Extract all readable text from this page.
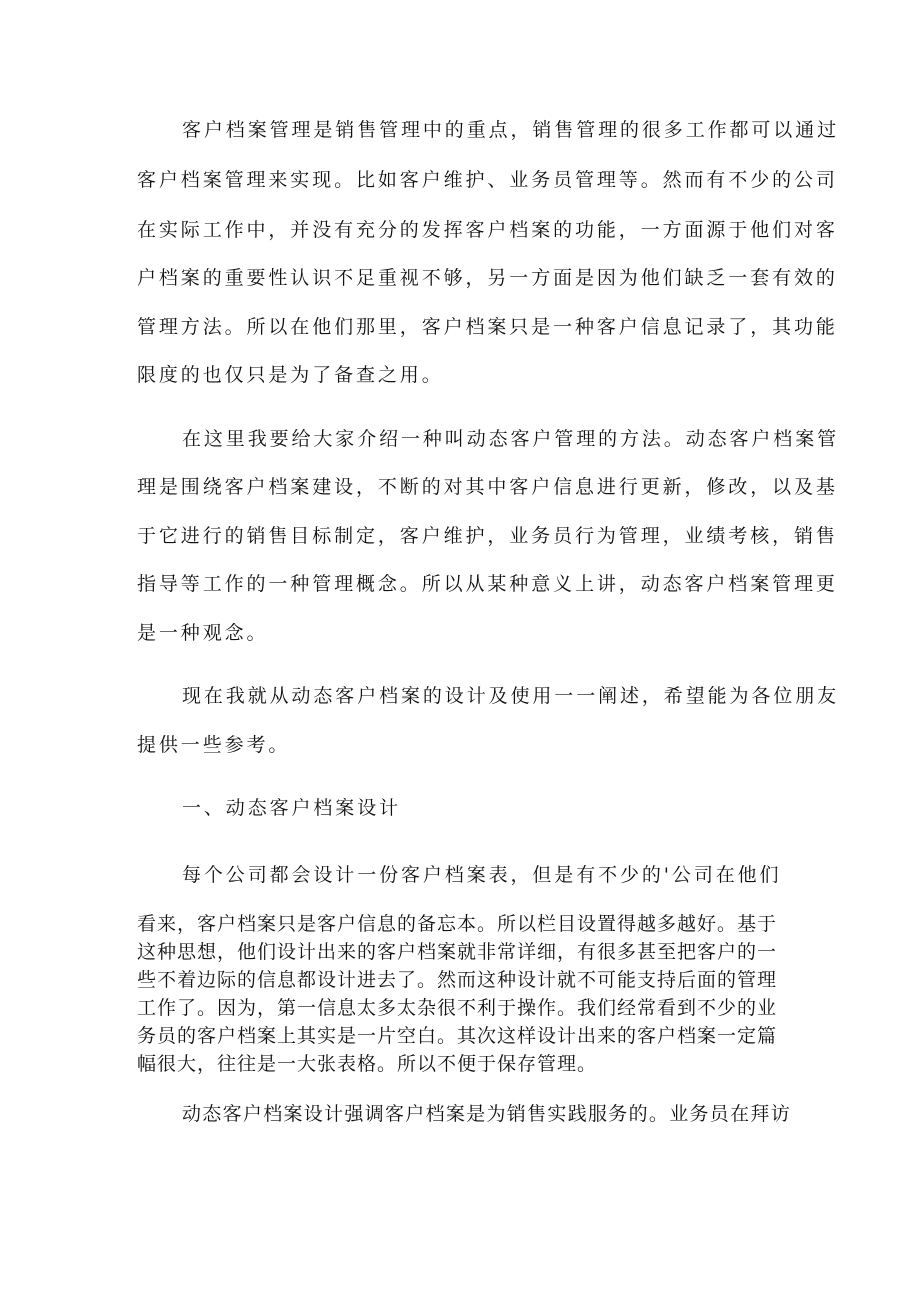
客户档案管理是销售管理中的重点，销售管理的很多工作都可以通过

客户档案管理来实现。比如客户维护、业务员管理等。然而有不少的公司

在实际工作中，并没有充分的发挥客户档案的功能，一方面源于他们对客

户档案的重要性认识不足重视不够，另一方面是因为他们缺乏一套有效的

管理方法。所以在他们那里，客户档案只是一种客户信息记录了，其功能

限度的也仅只是为了备查之用。

在这里我要给大家介绍一种叫动态客户管理的方法。动态客户档案管

理是围绕客户档案建设，不断的对其中客户信息进行更新，修改，以及基

于它进行的销售目标制定，客户维护，业务员行为管理，业绩考核，销售

指导等工作的一种管理概念。所以从某种意义上讲，动态客户档案管理更

是一种观念。

现在我就从动态客户档案的设计及使用一一阐述，希望能为各位朋友

提供一些参考。

一、动态客户档案设计

每个公司都会设计一份客户档案表，但是有不少的'公司在他们

看来，客户档案只是客户信息的备忘本。所以栏目设置得越多越好。基于

这种思想，他们设计出来的客户档案就非常详细，有很多甚至把客户的一

些不着边际的信息都设计进去了。然而这种设计就不可能支持后面的管理

工作了。因为，第一信息太多太杂很不利于操作。我们经常看到不少的业

务员的客户档案上其实是一片空白。其次这样设计出来的客户档案一定篇

幅很大，往往是一大张表格。所以不便于保存管理。

动态客户档案设计强调客户档案是为销售实践服务的。业务员在拜访
